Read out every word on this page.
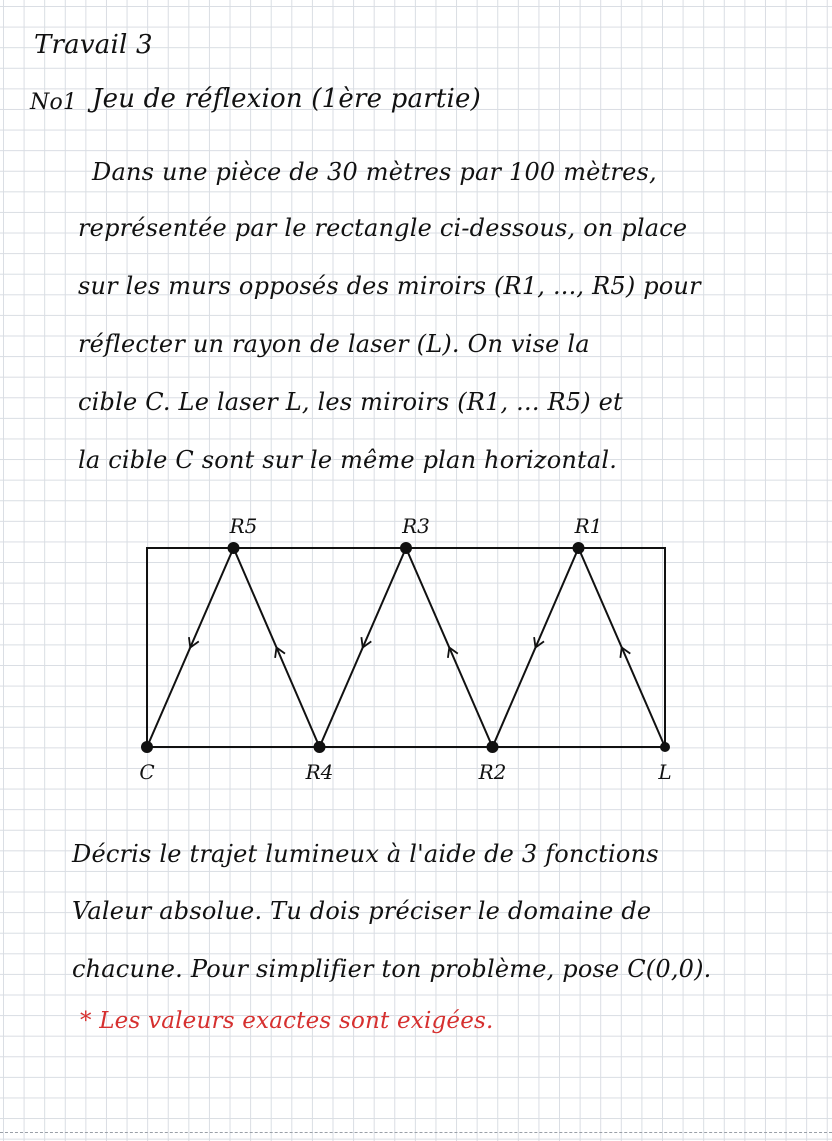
Travail 3
No1 Jeu de réflexion (1ère partie)
Dans une pièce de 30 mètres par 100 mètres,
représentée par le rectangle ci-dessous, on place
sur les murs opposés des miroirs (R1, ..., R5) pour
réflecter un rayon de laser (L). On vise la
cible C. Le laser L, les miroirs (R1, ... R5) et
la cible C sont sur le même plan horizontal.
C
R5
R4
R3
R2
R1
L
Décris le trajet lumineux à l'aide de 3 fonctions
Valeur absolue. Tu dois préciser le domaine de
chacune. Pour simplifier ton problème, pose C(0,0).
* Les valeurs exactes sont exigées.
